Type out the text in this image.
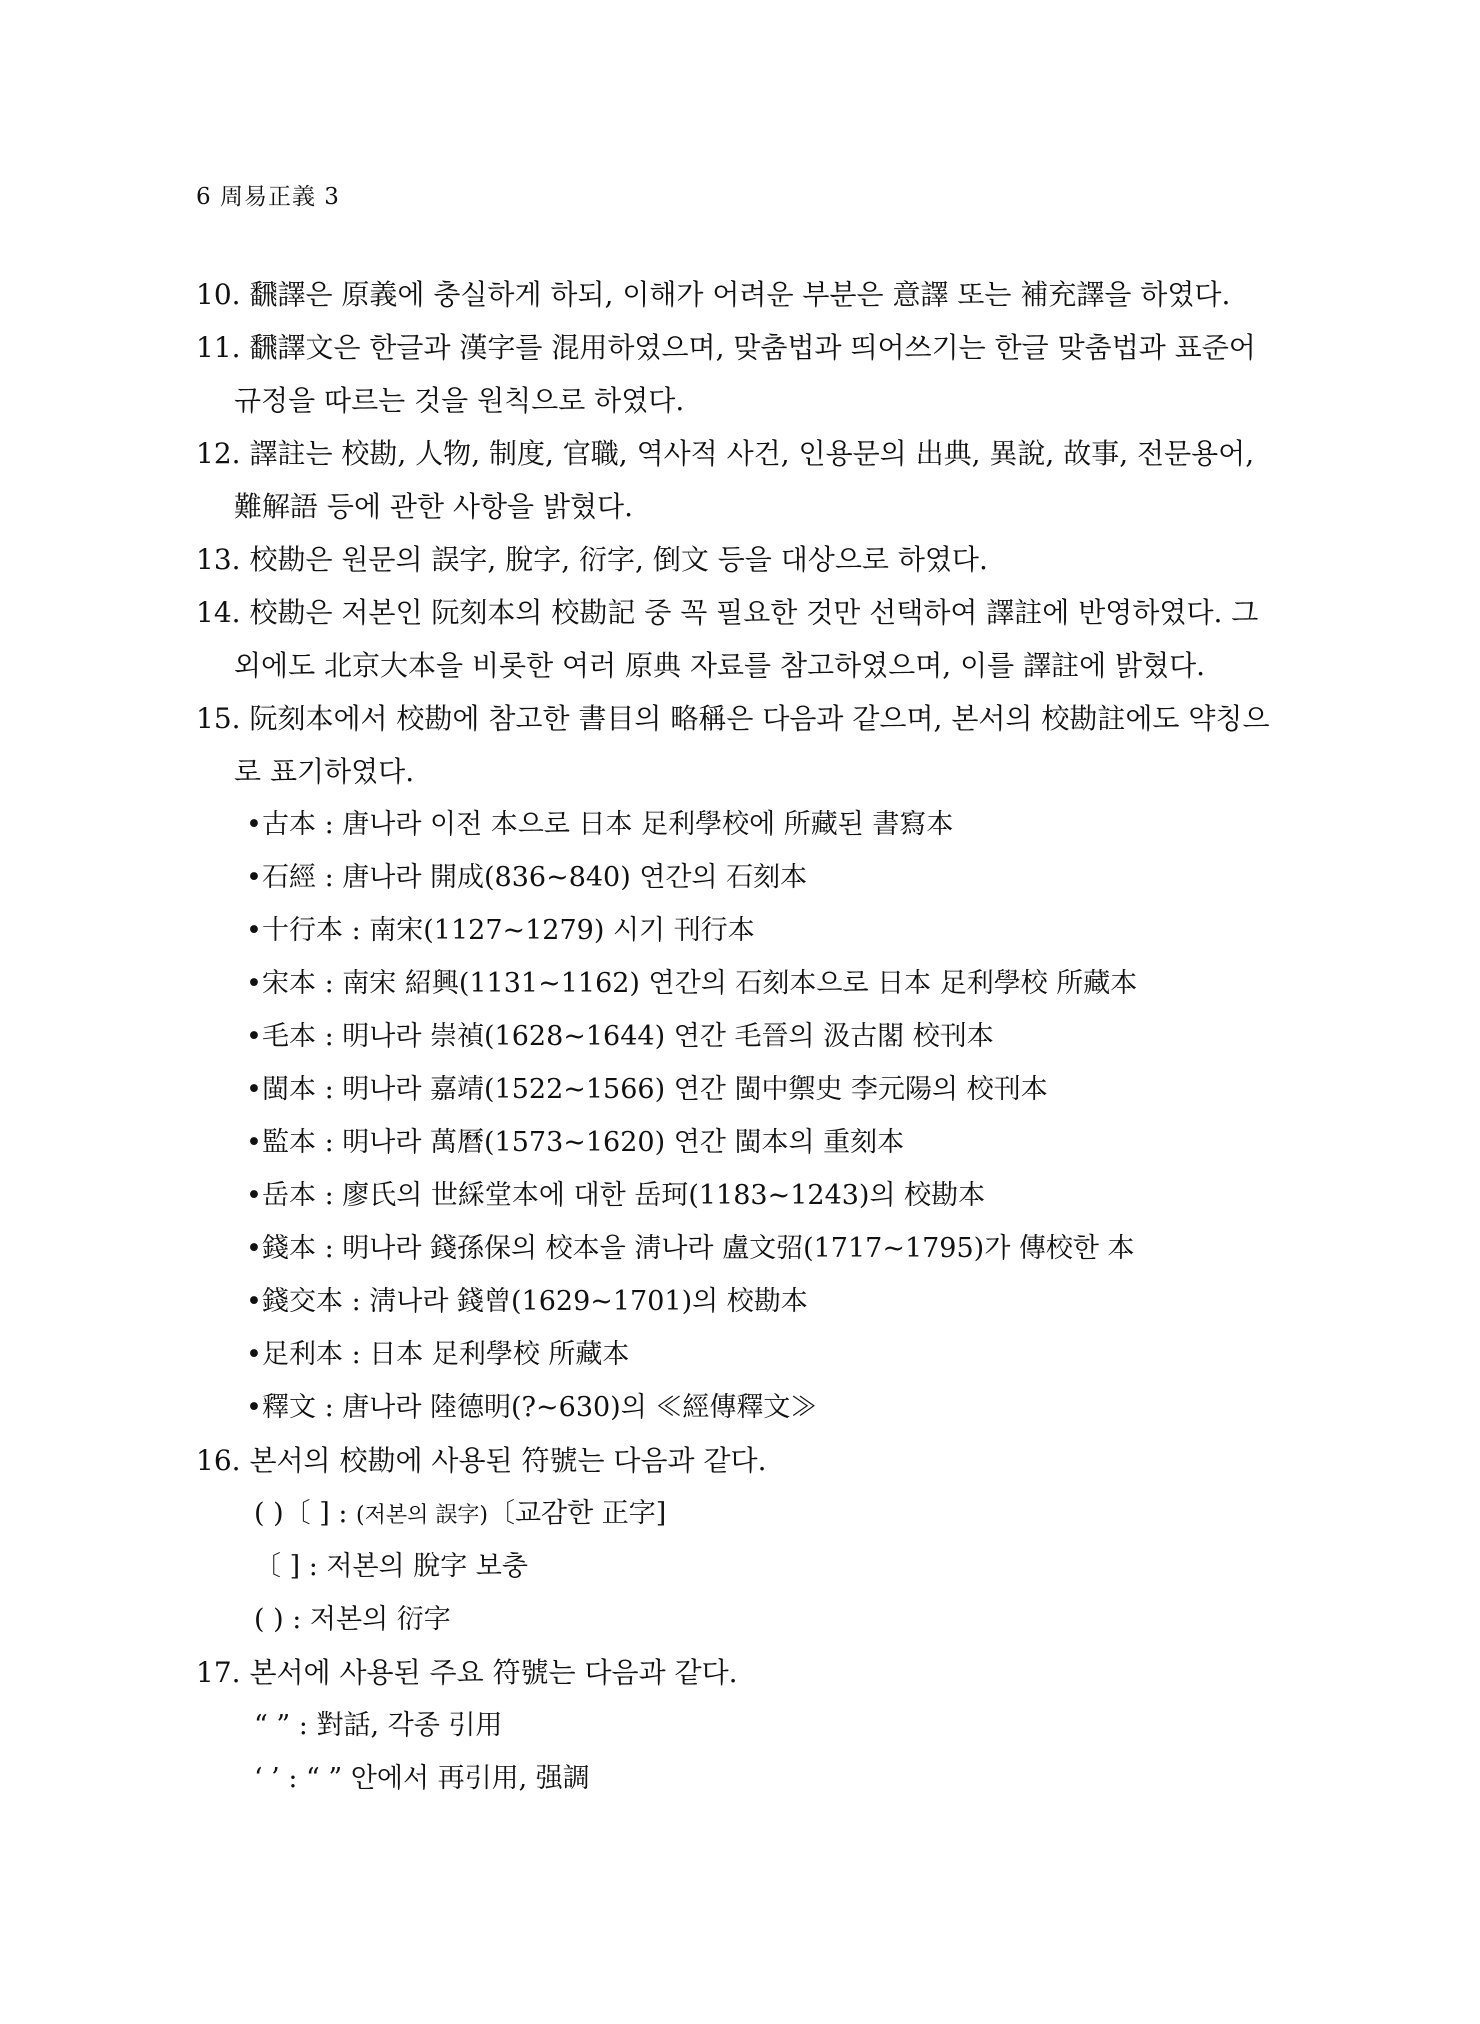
6 周易正義 3
10. 飜譯은 原義에 충실하게 하되, 이해가 어려운 부분은 意譯 또는 補充譯을 하였다.
11. 飜譯文은 한글과 漢字를 混用하였으며, 맞춤법과 띄어쓰기는 한글 맞춤법과 표준어
규정을 따르는 것을 원칙으로 하였다.
12. 譯註는 校勘, 人物, 制度, 官職, 역사적 사건, 인용문의 出典, 異說, 故事, 전문용어,
難解語 등에 관한 사항을 밝혔다.
13. 校勘은 원문의 誤字, 脫字, 衍字, 倒文 등을 대상으로 하였다.
14. 校勘은 저본인 阮刻本의 校勘記 중 꼭 필요한 것만 선택하여 譯註에 반영하였다. 그
외에도 北京大本을 비롯한 여러 原典 자료를 참고하였으며, 이를 譯註에 밝혔다.
15. 阮刻本에서 校勘에 참고한 書目의 略稱은 다음과 같으며, 본서의 校勘註에도 약칭으
로 표기하였다.
•古本 : 唐나라 이전 本으로 日本 足利學校에 所藏된 書寫本
•石經 : 唐나라 開成(836~840) 연간의 石刻本
•十行本 : 南宋(1127~1279) 시기 刊行本
•宋本 : 南宋 紹興(1131~1162) 연간의 石刻本으로 日本 足利學校 所藏本
•毛本 : 明나라 崇禎(1628~1644) 연간 毛晉의 汲古閣 校刊本
•閩本 : 明나라 嘉靖(1522~1566) 연간 閩中禦史 李元陽의 校刊本
•監本 : 明나라 萬曆(1573~1620) 연간 閩本의 重刻本
•岳本 : 廖氏의 世綵堂本에 대한 岳珂(1183~1243)의 校勘本
•錢本 : 明나라 錢孫保의 校本을 淸나라 盧文弨(1717~1795)가 傳校한 本
•錢交本 : 淸나라 錢曾(1629~1701)의 校勘本
•足利本 : 日本 足利學校 所藏本
•釋文 : 唐나라 陸德明(?~630)의 ≪經傳釋文≫
16. 본서의 校勘에 사용된 符號는 다음과 같다.
( )〔 ] : (저본의 誤字)〔교감한 正字]
〔 ] : 저본의 脫字 보충
( ) : 저본의 衍字
17. 본서에 사용된 주요 符號는 다음과 같다.
“ ” : 對話, 각종 引用
‘ ’ : “ ” 안에서 再引用, 强調
